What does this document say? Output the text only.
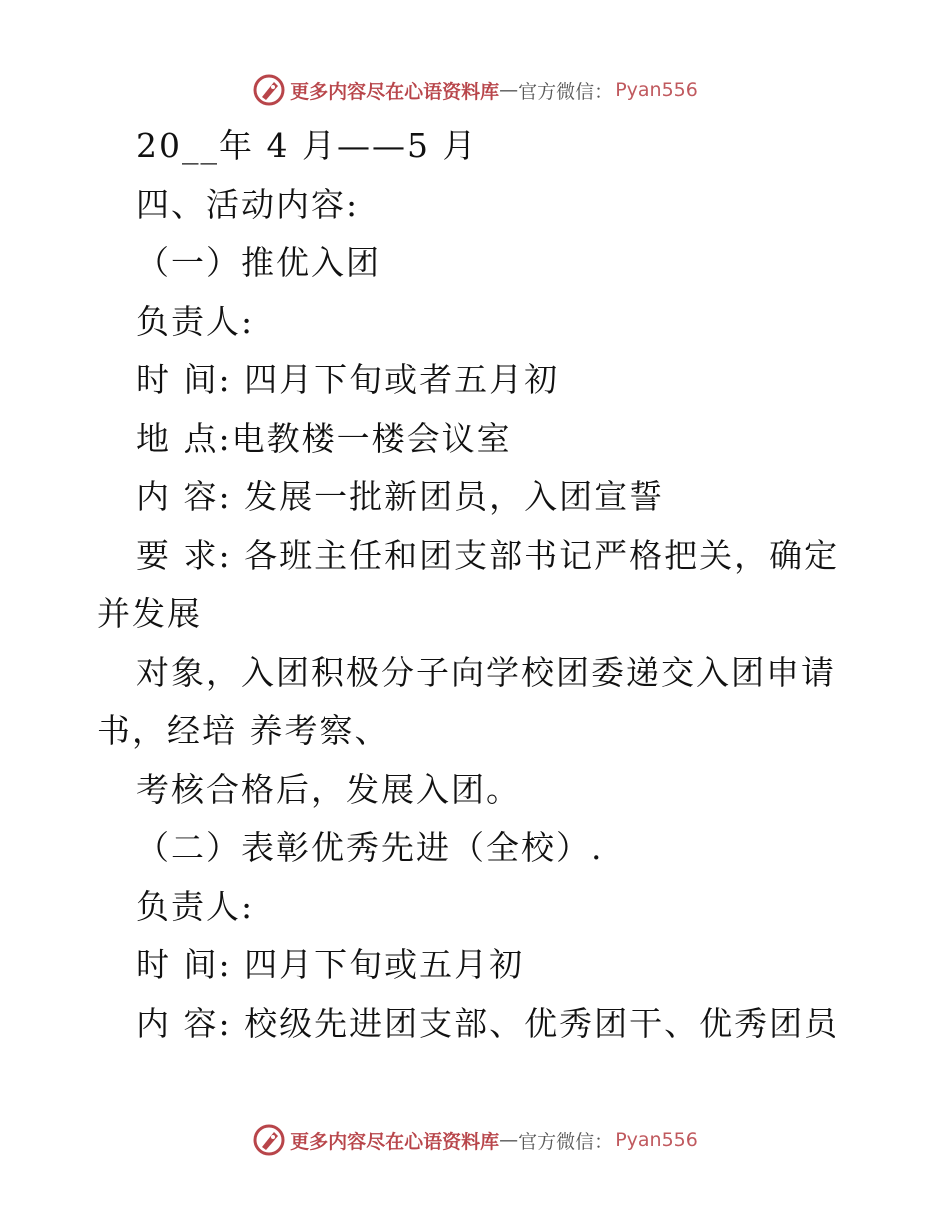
更多内容尽在心语资料库 — 官方微信： Pyan556
20__年 4 月——5 月
四、活动内容:
（一）推优入团
负责人:
时 间: 四月下旬或者五月初
地 点:电教楼一楼会议室
内 容: 发展一批新团员，入团宣誓
要 求: 各班主任和团支部书记严格把关，确定
并发展
对象，入团积极分子向学校团委递交入团申请
书，经培 养考察、
考核合格后，发展入团。
（二）表彰优秀先进（全校）.
负责人:
时 间: 四月下旬或五月初
内 容: 校级先进团支部、优秀团干、优秀团员
更多内容尽在心语资料库 — 官方微信： Pyan556
